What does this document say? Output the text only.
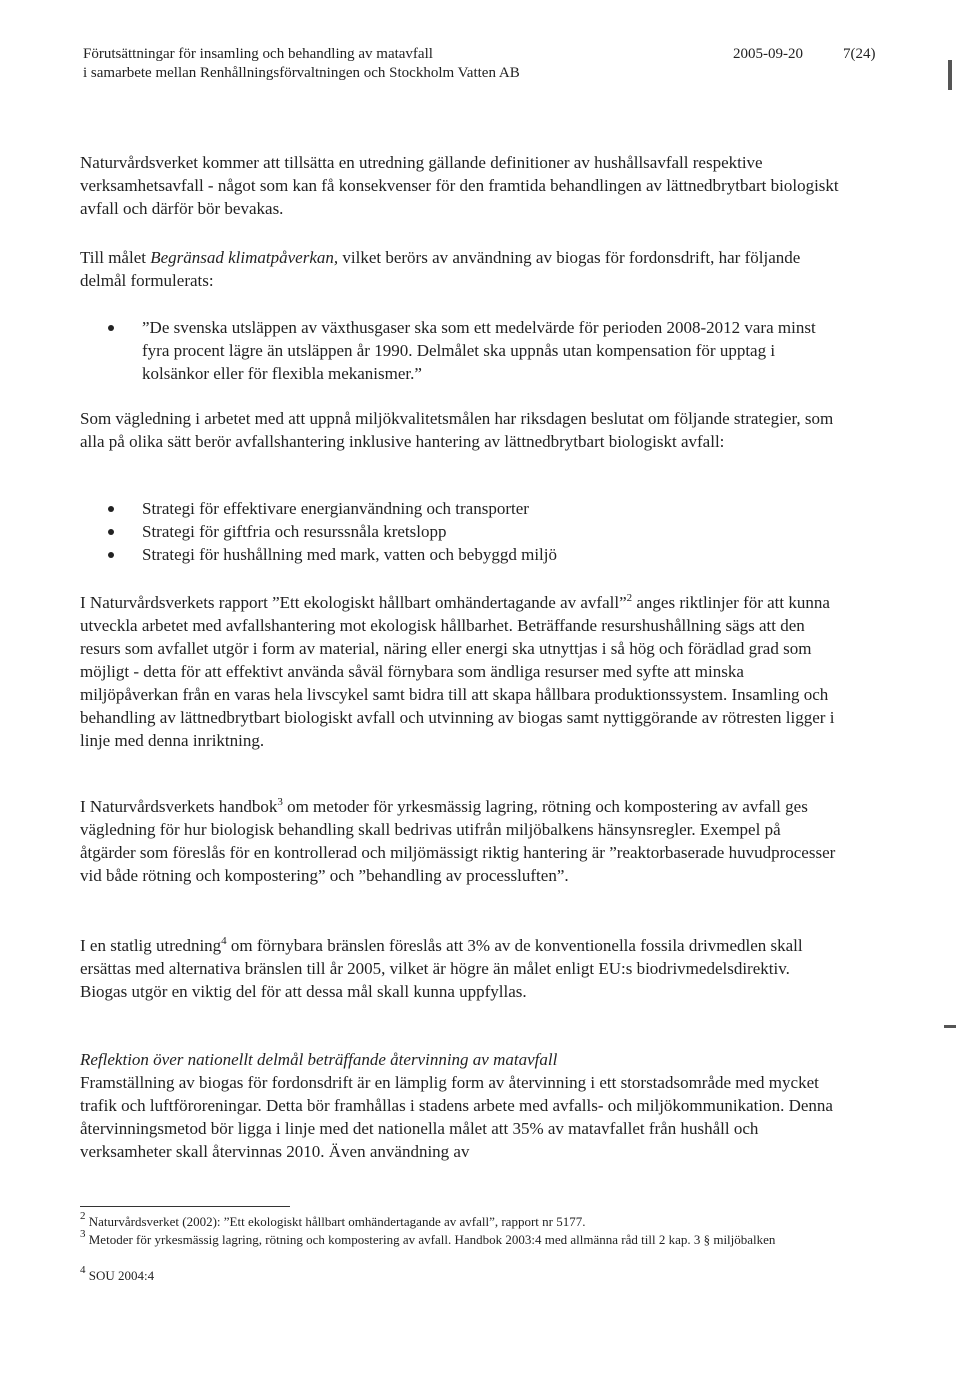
Förutsättningar för insamling och behandling av matavfall
i samarbete mellan Renhållningsförvaltningen och Stockholm Vatten AB
2005-09-20	7(24)

Naturvårdsverket kommer att tillsätta en utredning gällande definitioner av hushållsavfall respektive verksamhetsavfall - något som kan få konsekvenser för den framtida behandlingen av lättnedbrytbart biologiskt avfall och därför bör bevakas.

Till målet Begränsad klimatpåverkan, vilket berörs av användning av biogas för fordonsdrift, har följande delmål formulerats:

”De svenska utsläppen av växthusgaser ska som ett medelvärde för perioden 2008-2012 vara minst fyra procent lägre än utsläppen år 1990. Delmålet ska uppnås utan kompensation för upptag i kolsänkor eller för flexibla mekanismer.”

Som vägledning i arbetet med att uppnå miljökvalitetsmålen har riksdagen beslutat om följande strategier, som alla på olika sätt berör avfallshantering inklusive hantering av lättnedbrytbart biologiskt avfall:

Strategi för effektivare energianvändning och transporter
Strategi för giftfria och resurssnåla kretslopp
Strategi för hushållning med mark, vatten och bebyggd miljö

I Naturvårdsverkets rapport ”Ett ekologiskt hållbart omhändertagande av avfall”$^2$ anges riktlinjer för att kunna utveckla arbetet med avfallshantering mot ekologisk hållbarhet. Beträffande resurshushållning sägs att den resurs som avfallet utgör i form av material, näring eller energi ska utnyttjas i så hög och förädlad grad som möjligt - detta för att effektivt använda såväl förnybara som ändliga resurser med syfte att minska miljöpåverkan från en varas hela livscykel samt bidra till att skapa hållbara produktionssystem. Insamling och behandling av lättnedbrytbart biologiskt avfall och utvinning av biogas samt nyttiggörande av rötresten ligger i linje med denna inriktning.

I Naturvårdsverkets handbok$^3$ om metoder för yrkesmässig lagring, rötning och kompostering av avfall ges vägledning för hur biologisk behandling skall bedrivas utifrån miljöbalkens hänsynsregler. Exempel på åtgärder som föreslås för en kontrollerad och miljömässigt riktig hantering är ”reaktorbaserade huvudprocesser vid både rötning och kompostering” och ”behandling av processluften”.

I en statlig utredning$^4$ om förnybara bränslen föreslås att 3% av de konventionella fossila drivmedlen skall ersättas med alternativa bränslen till år 2005, vilket är högre än målet enligt EU:s biodrivmedelsdirektiv. Biogas utgör en viktig del för att dessa mål skall kunna uppfyllas.

Reflektion över nationellt delmål beträffande återvinning av matavfall

Framställning av biogas för fordonsdrift är en lämplig form av återvinning i ett storstadsområde med mycket trafik och luftföroreningar. Detta bör framhållas i stadens arbete med avfalls- och miljökommunikation. Denna återvinningsmetod bör ligga i linje med det nationella målet att 35% av matavfallet från hushåll och verksamheter skall återvinnas 2010. Även användning av

$^2$ Naturvårdsverket (2002): ”Ett ekologiskt hållbart omhändertagande av avfall”, rapport nr 5177.
$^3$ Metoder för yrkesmässig lagring, rötning och kompostering av avfall. Handbok 2003:4 med allmänna råd till 2 kap. 3 § miljöbalken
$^4$ SOU 2004:4
